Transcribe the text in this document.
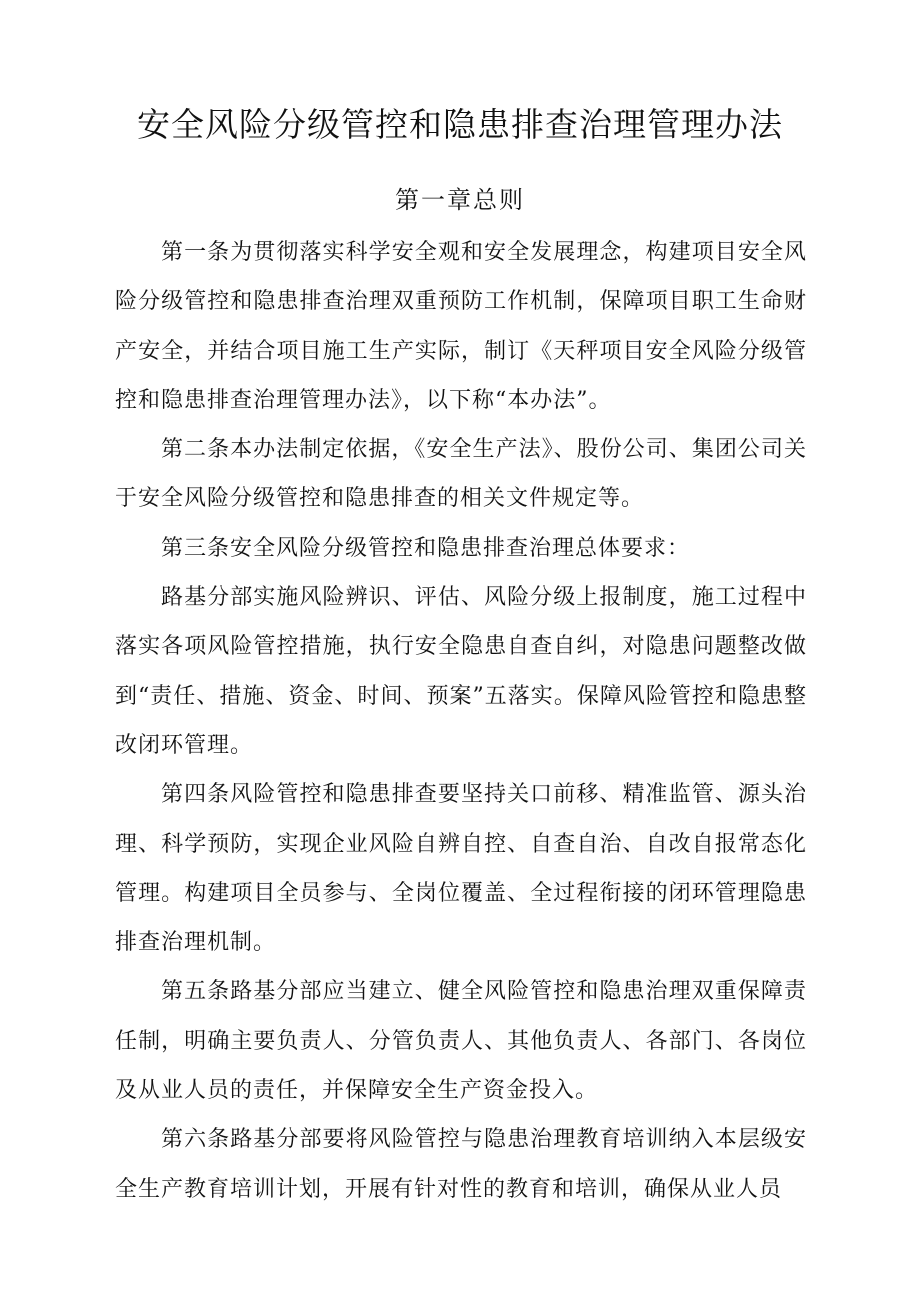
安全风险分级管控和隐患排查治理管理办法
第一章总则

第一条为贯彻落实科学安全观和安全发展理念，构建项目安全风险分级管控和隐患排查治理双重预防工作机制，保障项目职工生命财产安全，并结合项目施工生产实际，制订《天秤项目安全风险分级管控和隐患排查治理管理办法》，以下称“本办法”。

第二条本办法制定依据，《安全生产法》、股份公司、集团公司关于安全风险分级管控和隐患排查的相关文件规定等。

第三条安全风险分级管控和隐患排查治理总体要求：

路基分部实施风险辨识、评估、风险分级上报制度，施工过程中落实各项风险管控措施，执行安全隐患自查自纠，对隐患问题整改做到“责任、措施、资金、时间、预案”五落实。保障风险管控和隐患整改闭环管理。

第四条风险管控和隐患排查要坚持关口前移、精准监管、源头治理、科学预防，实现企业风险自辨自控、自查自治、自改自报常态化管理。构建项目全员参与、全岗位覆盖、全过程衔接的闭环管理隐患排查治理机制。

第五条路基分部应当建立、健全风险管控和隐患治理双重保障责任制，明确主要负责人、分管负责人、其他负责人、各部门、各岗位及从业人员的责任，并保障安全生产资金投入。

第六条路基分部要将风险管控与隐患治理教育培训纳入本层级安全生产教育培训计划，开展有针对性的教育和培训，确保从业人员
